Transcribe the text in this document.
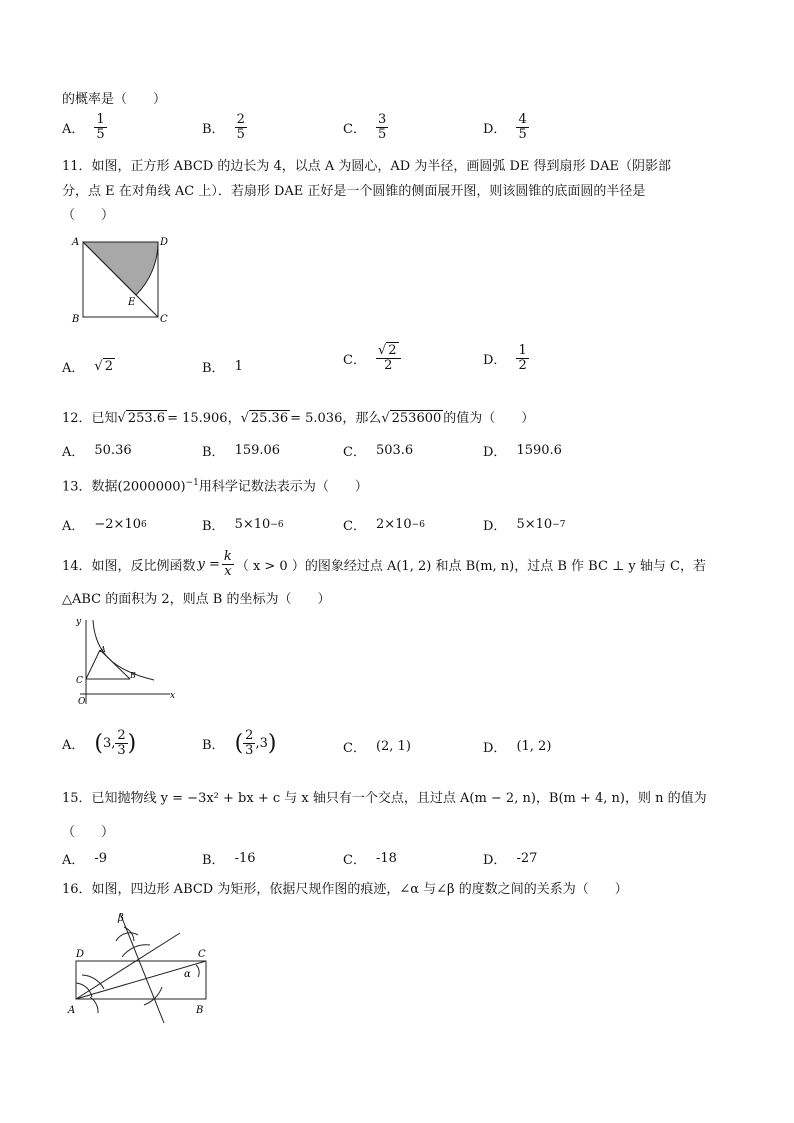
的概率是（　　）
A． $\frac{1}{5}$	B． $\frac{2}{5}$	C． $\frac{3}{5}$	D． $\frac{4}{5}$
11．如图，正方形 ABCD 的边长为 4，以点 A 为圆心，AD 为半径，画圆弧 DE 得到扇形 DAE（阴影部
分，点 E 在对角线 AC 上）．若扇形 DAE 正好是一个圆锥的侧面展开图，则该圆锥的底面圆的半径是
（　　）
A	D
B	C
E
A． √ 2	B． 1	C． $\frac{√ 2}{2}$	D． $\frac{1}{2}$
12．已知√ 253.6 = 15.906，√ 25.36 = 5.036，那么√ 253600 的值为（　　）
A． 50.36	B． 159.06	C． 503.6	D． 1590.6
13．数据$(2000000)^{-1}$用科学记数法表示为（　　）
A． −2×10 6	B． 5×10 −6	C． 2×10 −6	D． 5×10 −7
14．如图，反比例函数 $y = \frac{k}{x}$ （ x > 0 ）的图象经过点 A(1, 2) 和点 B(m, n)，过点 B 作 BC ⊥ y 轴与 C，若
△ABC 的面积为 2，则点 B 的坐标为（　　）
y
x
O
A
B
C
A． ( 3, $\frac{2}{3}$ )	B． ( $\frac{2}{3} ,3$ )	C． (2, 1)	D． (1, 2)
15．已知抛物线 y = −3x² + bx + c 与 x 轴只有一个交点，且过点 A(m − 2, n)，B(m + 4, n)，则 n 的值为
（　　）
A． -9	B． -16	C． -18	D． -27
16．如图，四边形 ABCD 为矩形，依据尺规作图的痕迹，∠α 与∠β 的度数之间的关系为（　　）
D	C
A	B
α
β
